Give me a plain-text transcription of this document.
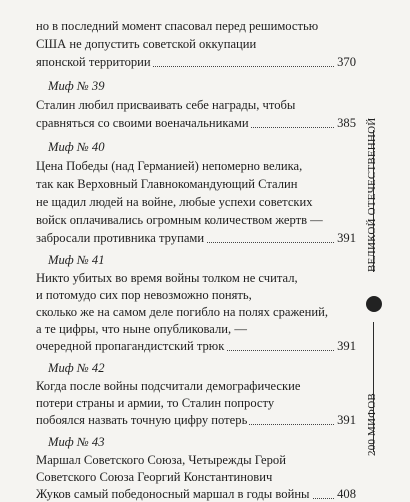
но в последний момент спасовал перед решимостью
США не допустить советской оккупации
японской территории	370
Миф № 39
Сталин любил присваивать себе награды, чтобы
сравняться со своими военачальниками	385
Миф № 40
Цена Победы (над Германией) непомерно велика,
так как Верховный Главнокомандующий Сталин
не щадил людей на войне, любые успехи советских
войск оплачивались огромным количеством жертв —
забросали противника трупами	391
Миф № 41
Никто убитых во время войны толком не считал,
и потомудо сих пор невозможно понять,
сколько же на самом деле погибло на полях сражений,
а те цифры, что ныне опубликовали, —
очередной пропагандистский трюк	391
Миф № 42
Когда после войны подсчитали демографические
потери страны и армии, то Сталин попросту
побоялся назвать точную цифру потерь	391
Миф № 43
Маршал Советского Союза, Четырежды Герой
Советского Союза Георгий Константинович
Жуков самый победоносный маршал в годы войны 408
ВЕЛИКОЙ ОТЕЧЕСТВЕННОЙ
200 МИФОВ
